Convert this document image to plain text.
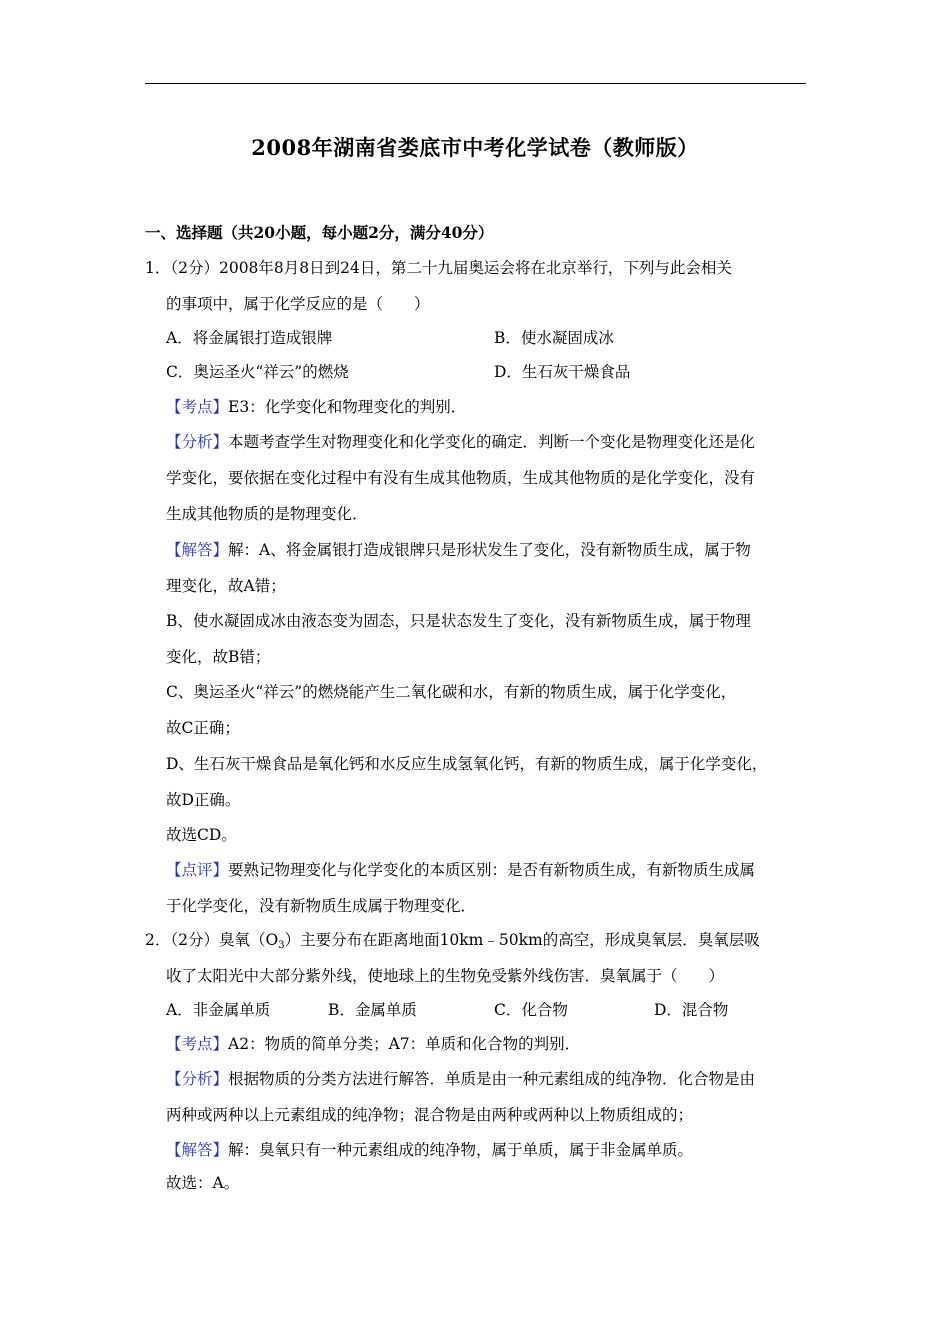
2008年湖南省娄底市中考化学试卷（教师版）
一、选择题（共20小题，每小题2分，满分40分）
1．（2分）2008年8月8日到24日，第二十九届奥运会将在北京举行，下列与此会相关
的事项中，属于化学反应的是（　　）
A．将金属银打造成银牌	B．使水凝固成冰
C．奥运圣火“祥云”的燃烧	D．生石灰干燥食品
【考点】E3：化学变化和物理变化的判别．
【分析】本题考查学生对物理变化和化学变化的确定．判断一个变化是物理变化还是化
学变化，要依据在变化过程中有没有生成其他物质，生成其他物质的是化学变化，没有
生成其他物质的是物理变化．
【解答】解：A、将金属银打造成银牌只是形状发生了变化，没有新物质生成，属于物
理变化，故A错；
B、使水凝固成冰由液态变为固态，只是状态发生了变化，没有新物质生成，属于物理
变化，故B错；
C、奥运圣火“祥云”的燃烧能产生二氧化碳和水，有新的物质生成，属于化学变化，
故C正确；
D、生石灰干燥食品是氧化钙和水反应生成氢氧化钙，有新的物质生成，属于化学变化，
故D正确。
故选CD。
【点评】要熟记物理变化与化学变化的本质区别：是否有新物质生成，有新物质生成属
于化学变化，没有新物质生成属于物理变化．
2．（2分）臭氧$(O_3)$主要分布在距离地面10km﹣50km的高空，形成臭氧层．臭氧层吸
收了太阳光中大部分紫外线，使地球上的生物免受紫外线伤害．臭氧属于（　　）
A．非金属单质	B．金属单质	C．化合物	D．混合物
【考点】A2：物质的简单分类；A7：单质和化合物的判别．
【分析】根据物质的分类方法进行解答．单质是由一种元素组成的纯净物．化合物是由
两种或两种以上元素组成的纯净物；混合物是由两种或两种以上物质组成的；
【解答】解：臭氧只有一种元素组成的纯净物，属于单质，属于非金属单质。
故选：A。
